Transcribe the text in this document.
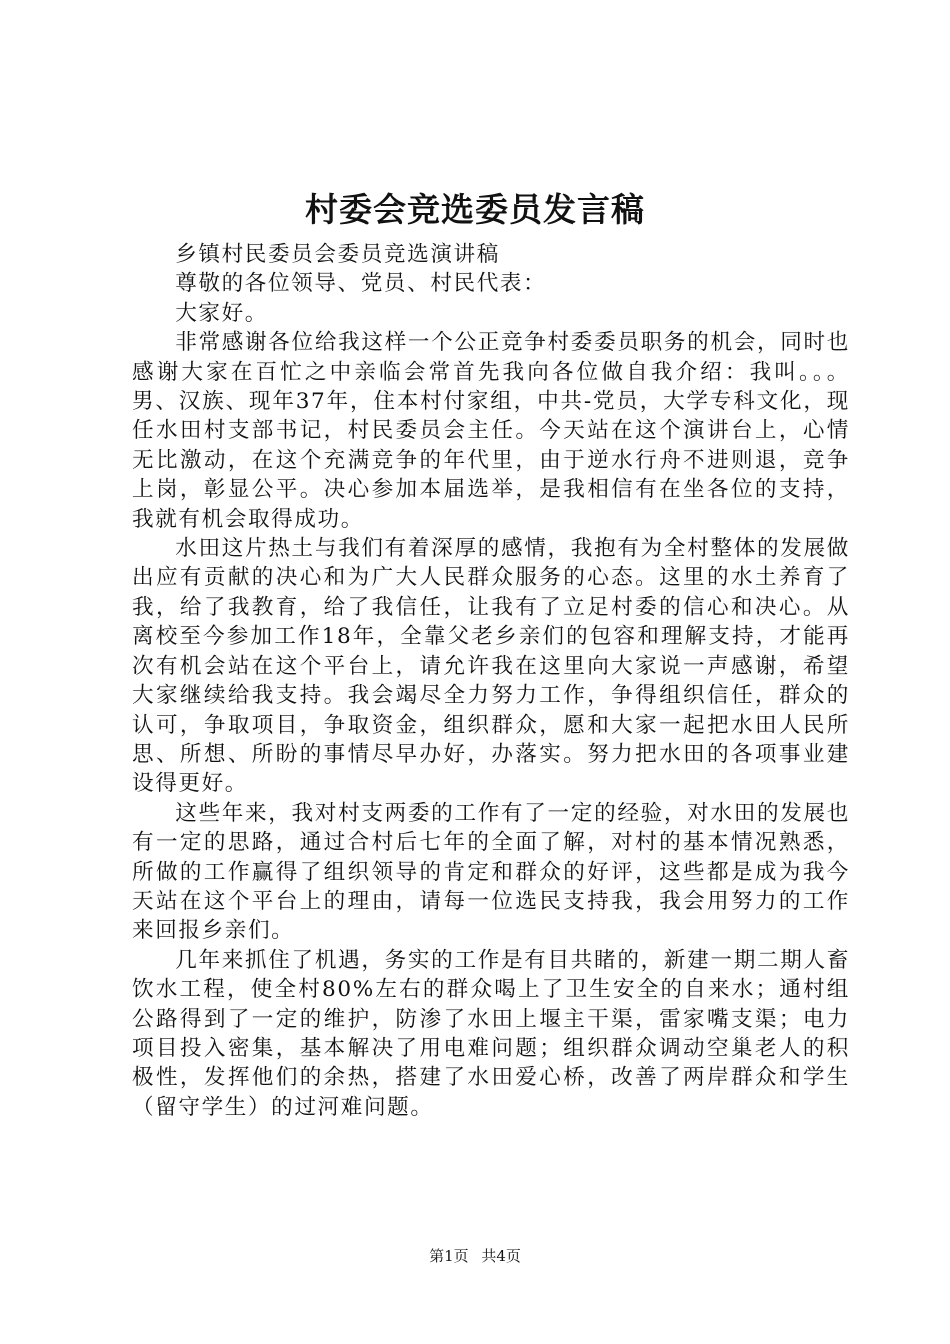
村委会竞选委员发言稿

乡镇村民委员会委员竞选演讲稿

尊敬的各位领导、党员、村民代表：

大家好。

非常感谢各位给我这样一个公正竞争村委委员职务的机会，同时也感谢大家在百忙之中亲临会常首先我向各位做自我介绍：我叫。。。男、汉族、现年37年，住本村付家组，中共-党员，大学专科文化，现任水田村支部书记，村民委员会主任。今天站在这个演讲台上，心情无比激动，在这个充满竞争的年代里，由于逆水行舟不进则退，竞争上岗，彰显公平。决心参加本届选举，是我相信有在坐各位的支持，我就有机会取得成功。

水田这片热土与我们有着深厚的感情，我抱有为全村整体的发展做出应有贡献的决心和为广大人民群众服务的心态。这里的水土养育了我，给了我教育，给了我信任，让我有了立足村委的信心和决心。从离校至今参加工作18年，全靠父老乡亲们的包容和理解支持，才能再次有机会站在这个平台上，请允许我在这里向大家说一声感谢，希望大家继续给我支持。我会竭尽全力努力工作，争得组织信任，群众的认可，争取项目，争取资金，组织群众，愿和大家一起把水田人民所思、所想、所盼的事情尽早办好，办落实。努力把水田的各项事业建设得更好。

这些年来，我对村支两委的工作有了一定的经验，对水田的发展也有一定的思路，通过合村后七年的全面了解，对村的基本情况熟悉，所做的工作赢得了组织领导的肯定和群众的好评，这些都是成为我今天站在这个平台上的理由，请每一位选民支持我，我会用努力的工作来回报乡亲们。

几年来抓住了机遇，务实的工作是有目共睹的，新建一期二期人畜饮水工程，使全村80%左右的群众喝上了卫生安全的自来水；通村组公路得到了一定的维护，防渗了水田上堰主干渠，雷家嘴支渠；电力项目投入密集，基本解决了用电难问题；组织群众调动空巢老人的积极性，发挥他们的余热，搭建了水田爱心桥，改善了两岸群众和学生（留守学生）的过河难问题。

第1页 共4页
